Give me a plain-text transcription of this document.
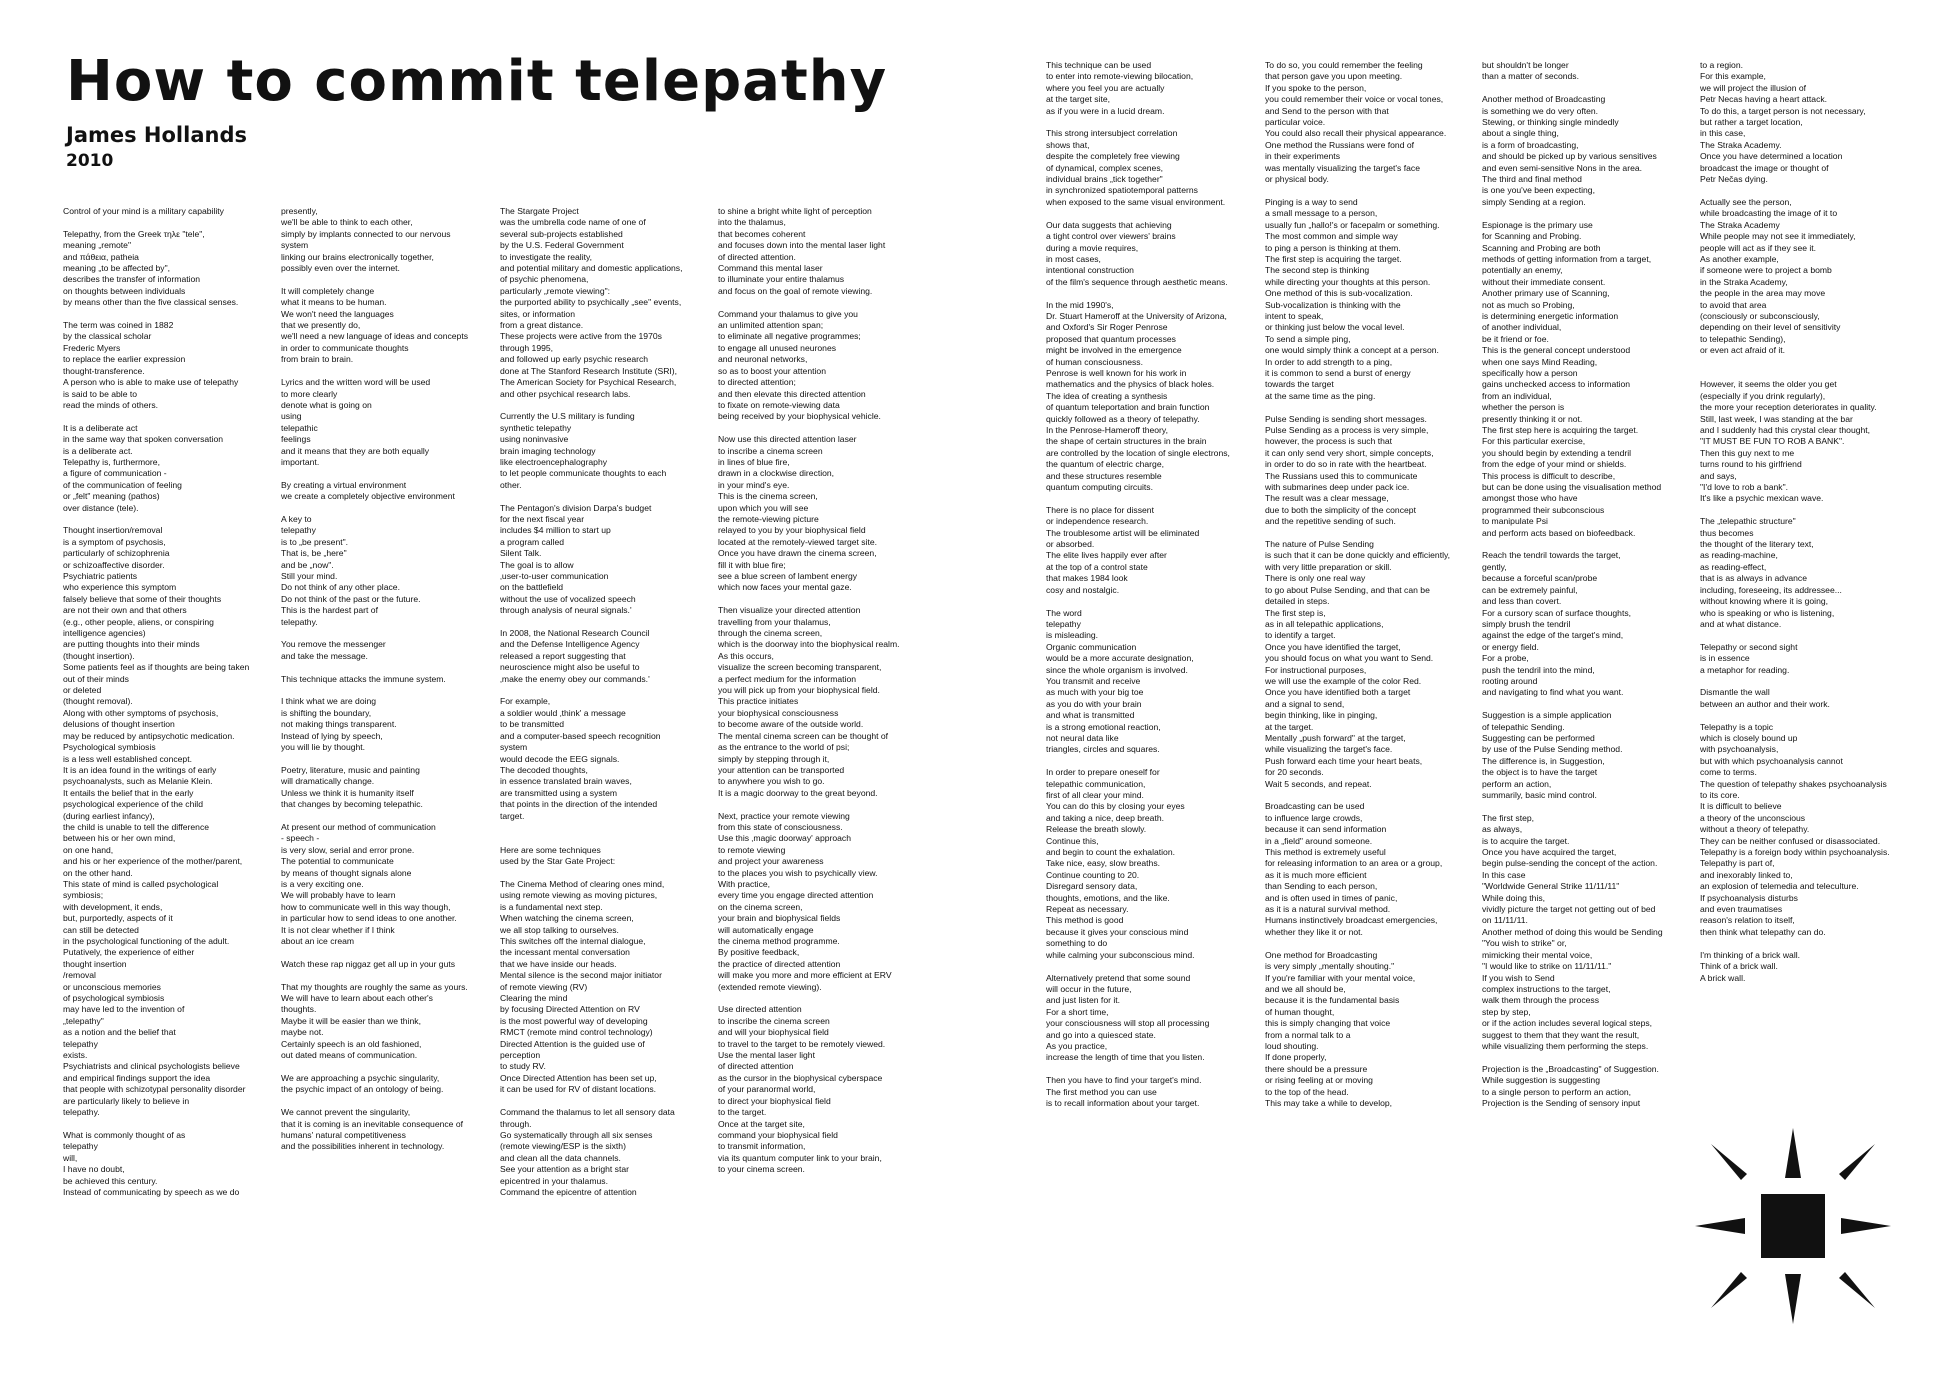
How to commit telepathy
James Hollands
2010
Control of your mind is a military capability

Telepathy, from the Greek τηλε "tele",
meaning „remote"
and πάθεια, patheia
meaning „to be affected by",
describes the transfer of information
on thoughts between individuals
by means other than the five classical senses.

The term was coined in 1882
by the classical scholar
Frederic Myers
to replace the earlier expression
thought-transference.
A person who is able to make use of telepathy
is said to be able to
read the minds of others.

It is a deliberate act
in the same way that spoken conversation
is a deliberate act.
Telepathy is, furthermore,
a figure of communication -
of the communication of feeling
or „felt" meaning (pathos)
over distance (tele).

Thought insertion/removal
is a symptom of psychosis,
particularly of schizophrenia
or schizoaffective disorder.
Psychiatric patients
who experience this symptom
falsely believe that some of their thoughts
are not their own and that others
(e.g., other people, aliens, or conspiring
intelligence agencies)
are putting thoughts into their minds
(thought insertion).
Some patients feel as if thoughts are being taken
out of their minds
or deleted
(thought removal).
Along with other symptoms of psychosis,
delusions of thought insertion
may be reduced by antipsychotic medication.
Psychological symbiosis
is a less well established concept.
It is an idea found in the writings of early
psychoanalysts, such as Melanie Klein.
It entails the belief that in the early
psychological experience of the child
(during earliest infancy),
the child is unable to tell the difference
between his or her own mind,
on one hand,
and his or her experience of the mother/parent,
on the other hand.
This state of mind is called psychological
symbiosis;
with development, it ends,
but, purportedly, aspects of it
can still be detected
in the psychological functioning of the adult.
Putatively, the experience of either
thought insertion
/removal
or unconscious memories
of psychological symbiosis
may have led to the invention of
„telepathy"
as a notion and the belief that
telepathy
exists.
Psychiatrists and clinical psychologists believe
and empirical findings support the idea
that people with schizotypal personality disorder
are particularly likely to believe in
telepathy.

What is commonly thought of as
telepathy
will,
I have no doubt,
be achieved this century.
Instead of communicating by speech as we do
presently,
we'll be able to think to each other,
simply by implants connected to our nervous
system
linking our brains electronically together,
possibly even over the internet.

It will completely change
what it means to be human.
We won't need the languages
that we presently do,
we'll need a new language of ideas and concepts
in order to communicate thoughts
from brain to brain.

Lyrics and the written word will be used
to more clearly
denote what is going on
using
telepathic
feelings
and it means that they are both equally
important.

By creating a virtual environment
we create a completely objective environment

A key to
telepathy
is to „be present".
That is, be „here"
and be „now".
Still your mind.
Do not think of any other place.
Do not think of the past or the future.
This is the hardest part of
telepathy.

You remove the messenger
and take the message.

This technique attacks the immune system.

I think what we are doing
is shifting the boundary,
not making things transparent.
Instead of lying by speech,
you will lie by thought.

Poetry, literature, music and painting
will dramatically change.
Unless we think it is humanity itself
that changes by becoming telepathic.

At present our method of communication
- speech -
is very slow, serial and error prone.
The potential to communicate
by means of thought signals alone
is a very exciting one.
We will probably have to learn
how to communicate well in this way though,
in particular how to send ideas to one another.
It is not clear whether if I think
about an ice cream

Watch these rap niggaz get all up in your guts

That my thoughts are roughly the same as yours.
We will have to learn about each other's
thoughts.
Maybe it will be easier than we think,
maybe not.
Certainly speech is an old fashioned,
out dated means of communication.

We are approaching a psychic singularity,
the psychic impact of an ontology of being.

We cannot prevent the singularity,
that it is coming is an inevitable consequence of
humans' natural competitiveness
and the possibilities inherent in technology.
The Stargate Project
was the umbrella code name of one of
several sub-projects established
by the U.S. Federal Government
to investigate the reality,
and potential military and domestic applications,
of psychic phenomena,
particularly „remote viewing":
the purported ability to psychically „see" events,
sites, or information
from a great distance.
These projects were active from the 1970s
through 1995,
and followed up early psychic research
done at The Stanford Research Institute (SRI),
The American Society for Psychical Research,
and other psychical research labs.

Currently the U.S military is funding
synthetic telepathy
using noninvasive
brain imaging technology
like electroencephalography
to let people communicate thoughts to each
other.

The Pentagon's division Darpa's budget
for the next fiscal year
includes $4 million to start up
a program called
Silent Talk.
The goal is to allow
‚user-to-user communication
on the battlefield
without the use of vocalized speech
through analysis of neural signals.'

In 2008, the National Research Council
and the Defense Intelligence Agency
released a report suggesting that
neuroscience might also be useful to
‚make the enemy obey our commands.'

For example,
a soldier would ‚think' a message
to be transmitted
and a computer-based speech recognition
system
would decode the EEG signals.
The decoded thoughts,
in essence translated brain waves,
are transmitted using a system
that points in the direction of the intended
target.

Here are some techniques
used by the Star Gate Project:

The Cinema Method of clearing ones mind,
using remote viewing as moving pictures,
is a fundamental next step.
When watching the cinema screen,
we all stop talking to ourselves.
This switches off the internal dialogue,
the incessant mental conversation
that we have inside our heads.
Mental silence is the second major initiator
of remote viewing (RV)
Clearing the mind
by focusing Directed Attention on RV
is the most powerful way of developing
RMCT (remote mind control technology)
Directed Attention is the guided use of
perception
to study RV.
Once Directed Attention has been set up,
it can be used for RV of distant locations.

Command the thalamus to let all sensory data
through.
Go systematically through all six senses
(remote viewing/ESP is the sixth)
and clean all the data channels.
See your attention as a bright star
epicentred in your thalamus.
Command the epicentre of attention
to shine a bright white light of perception
into the thalamus,
that becomes coherent
and focuses down into the mental laser light
of directed attention.
Command this mental laser
to illuminate your entire thalamus
and focus on the goal of remote viewing.

Command your thalamus to give you
an unlimited attention span;
to eliminate all negative programmes;
to engage all unused neurones
and neuronal networks,
so as to boost your attention
to directed attention;
and then elevate this directed attention
to fixate on remote-viewing data
being received by your biophysical vehicle.

Now use this directed attention laser
to inscribe a cinema screen
in lines of blue fire,
drawn in a clockwise direction,
in your mind's eye.
This is the cinema screen,
upon which you will see
the remote-viewing picture
relayed to you by your biophysical field
located at the remotely-viewed target site.
Once you have drawn the cinema screen,
fill it with blue fire;
see a blue screen of lambent energy
which now faces your mental gaze.

Then visualize your directed attention
travelling from your thalamus,
through the cinema screen,
which is the doorway into the biophysical realm.
As this occurs,
visualize the screen becoming transparent,
a perfect medium for the information
you will pick up from your biophysical field.
This practice initiates
your biophysical consciousness
to become aware of the outside world.
The mental cinema screen can be thought of
as the entrance to the world of psi;
simply by stepping through it,
your attention can be transported
to anywhere you wish to go.
It is a magic doorway to the great beyond.

Next, practice your remote viewing
from this state of consciousness.
Use this ‚magic doorway' approach
to remote viewing
and project your awareness
to the places you wish to psychically view.
With practice,
every time you engage directed attention
on the cinema screen,
your brain and biophysical fields
will automatically engage
the cinema method programme.
By positive feedback,
the practice of directed attention
will make you more and more efficient at ERV
(extended remote viewing).

Use directed attention
to inscribe the cinema screen
and will your biophysical field
to travel to the target to be remotely viewed.
Use the mental laser light
of directed attention
as the cursor in the biophysical cyberspace
of your paranormal world,
to direct your biophysical field
to the target.
Once at the target site,
command your biophysical field
to transmit information,
via its quantum computer link to your brain,
to your cinema screen.
This technique can be used
to enter into remote-viewing bilocation,
where you feel you are actually
at the target site,
as if you were in a lucid dream.

This strong intersubject correlation
shows that,
despite the completely free viewing
of dynamical, complex scenes,
individual brains „tick together"
in synchronized spatiotemporal patterns
when exposed to the same visual environment.

Our data suggests that achieving
a tight control over viewers' brains
during a movie requires,
in most cases,
intentional construction
of the film's sequence through aesthetic means.

In the mid 1990's,
Dr. Stuart Hameroff at the University of Arizona,
and Oxford's Sir Roger Penrose
proposed that quantum processes
might be involved in the emergence
of human consciousness.
Penrose is well known for his work in
mathematics and the physics of black holes.
The idea of creating a synthesis
of quantum teleportation and brain function
quickly followed as a theory of telepathy.
In the Penrose-Hameroff theory,
the shape of certain structures in the brain
are controlled by the location of single electrons,
the quantum of electric charge,
and these structures resemble
quantum computing circuits.

There is no place for dissent
or independence research.
The troublesome artist will be eliminated
or absorbed.
The elite lives happily ever after
at the top of a control state
that makes 1984 look
cosy and nostalgic.

The word
telepathy
is misleading.
Organic communication
would be a more accurate designation,
since the whole organism is involved.
You transmit and receive
as much with your big toe
as you do with your brain
and what is transmitted
is a strong emotional reaction,
not neural data like
triangles, circles and squares.

In order to prepare oneself for
telepathic communication,
first of all clear your mind.
You can do this by closing your eyes
and taking a nice, deep breath.
Release the breath slowly.
Continue this,
and begin to count the exhalation.
Take nice, easy, slow breaths.
Continue counting to 20.
Disregard sensory data,
thoughts, emotions, and the like.
Repeat as necessary.
This method is good
because it gives your conscious mind
something to do
while calming your subconscious mind.

Alternatively pretend that some sound
will occur in the future,
and just listen for it.
For a short time,
your consciousness will stop all processing
and go into a quiesced state.
As you practice,
increase the length of time that you listen.

Then you have to find your target's mind.
The first method you can use
is to recall information about your target.
To do so, you could remember the feeling
that person gave you upon meeting.
If you spoke to the person,
you could remember their voice or vocal tones,
and Send to the person with that
particular voice.
You could also recall their physical appearance.
One method the Russians were fond of
in their experiments
was mentally visualizing the target's face
or physical body.

Pinging is a way to send
a small message to a person,
usually fun „hallo!'s or facepalm or something.
The most common and simple way
to ping a person is thinking at them.
The first step is acquiring the target.
The second step is thinking
while directing your thoughts at this person.
One method of this is sub-vocalization.
Sub-vocalization is thinking with the
intent to speak,
or thinking just below the vocal level.
To send a simple ping,
one would simply think a concept at a person.
In order to add strength to a ping,
it is common to send a burst of energy
towards the target
at the same time as the ping.

Pulse Sending is sending short messages.
Pulse Sending as a process is very simple,
however, the process is such that
it can only send very short, simple concepts,
in order to do so in rate with the heartbeat.
The Russians used this to communicate
with submarines deep under pack ice.
The result was a clear message,
due to both the simplicity of the concept
and the repetitive sending of such.

The nature of Pulse Sending
is such that it can be done quickly and efficiently,
with very little preparation or skill.
There is only one real way
to go about Pulse Sending, and that can be
detailed in steps.
The first step is,
as in all telepathic applications,
to identify a target.
Once you have identified the target,
you should focus on what you want to Send.
For instructional purposes,
we will use the example of the color Red.
Once you have identified both a target
and a signal to send,
begin thinking, like in pinging,
at the target.
Mentally „push forward" at the target,
while visualizing the target's face.
Push forward each time your heart beats,
for 20 seconds.
Wait 5 seconds, and repeat.

Broadcasting can be used
to influence large crowds,
because it can send information
in a „field" around someone.
This method is extremely useful
for releasing information to an area or a group,
as it is much more efficient
than Sending to each person,
and is often used in times of panic,
as it is a natural survival method.
Humans instinctively broadcast emergencies,
whether they like it or not.

One method for Broadcasting
is very simply „mentally shouting."
If you're familiar with your mental voice,
and we all should be,
because it is the fundamental basis
of human thought,
this is simply changing that voice
from a normal talk to a
loud shouting.
If done properly,
there should be a pressure
or rising feeling at or moving
to the top of the head.
This may take a while to develop,
but shouldn't be longer
than a matter of seconds.

Another method of Broadcasting
is something we do very often.
Stewing, or thinking single mindedly
about a single thing,
is a form of broadcasting,
and should be picked up by various sensitives
and even semi-sensitive Nons in the area.
The third and final method
is one you've been expecting,
simply Sending at a region.

Espionage is the primary use
for Scanning and Probing.
Scanning and Probing are both
methods of getting information from a target,
potentially an enemy,
without their immediate consent.
Another primary use of Scanning,
not as much so Probing,
is determining energetic information
of another individual,
be it friend or foe.
This is the general concept understood
when one says Mind Reading,
specifically how a person
gains unchecked access to information
from an individual,
whether the person is
presently thinking it or not.
The first step here is acquiring the target.
For this particular exercise,
you should begin by extending a tendril
from the edge of your mind or shields.
This process is difficult to describe,
but can be done using the visualisation method
amongst those who have
programmed their subconscious
to manipulate Psi
and perform acts based on biofeedback.

Reach the tendril towards the target,
gently,
because a forceful scan/probe
can be extremely painful,
and less than covert.
For a cursory scan of surface thoughts,
simply brush the tendril
against the edge of the target's mind,
or energy field.
For a probe,
push the tendril into the mind,
rooting around
and navigating to find what you want.

Suggestion is a simple application
of telepathic Sending.
Suggesting can be performed
by use of the Pulse Sending method.
The difference is, in Suggestion,
the object is to have the target
perform an action,
summarily, basic mind control.

The first step,
as always,
is to acquire the target.
Once you have acquired the target,
begin pulse-sending the concept of the action.
In this case
"Worldwide General Strike 11/11/11"
While doing this,
vividly picture the target not getting out of bed
on 11/11/11.
Another method of doing this would be Sending
"You wish to strike" or,
mimicking their mental voice,
"I would like to strike on 11/11/11."
If you wish to Send
complex instructions to the target,
walk them through the process
step by step,
or if the action includes several logical steps,
suggest to them that they want the result,
while visualizing them performing the steps.

Projection is the „Broadcasting" of Suggestion.
While suggestion is suggesting
to a single person to perform an action,
Projection is the Sending of sensory input
to a region.
For this example,
we will project the illusion of
Petr Necas having a heart attack.
To do this, a target person is not necessary,
but rather a target location,
in this case,
The Straka Academy.
Once you have determined a location
broadcast the image or thought of
Petr Nečas dying.

Actually see the person,
while broadcasting the image of it to
The Straka Academy
While people may not see it immediately,
people will act as if they see it.
As another example,
if someone were to project a bomb
in the Straka Academy,
the people in the area may move
to avoid that area
(consciously or subconsciously,
depending on their level of sensitivity
to telepathic Sending),
or even act afraid of it.

However, it seems the older you get
(especially if you drink regularly),
the more your reception deteriorates in quality.
Still, last week, I was standing at the bar
and I suddenly had this crystal clear thought,
"IT MUST BE FUN TO ROB A BANK".
Then this guy next to me
turns round to his girlfriend
and says,
"I'd love to rob a bank".
It's like a psychic mexican wave.

The „telepathic structure"
thus becomes
the thought of the literary text,
as reading-machine,
as reading-effect,
that is as always in advance
including, foreseeing, its addressee...
without knowing where it is going,
who is speaking or who is listening,
and at what distance.

Telepathy or second sight
is in essence
a metaphor for reading.

Dismantle the wall
between an author and their work.

Telepathy is a topic
which is closely bound up
with psychoanalysis,
but with which psychoanalysis cannot
come to terms.
The question of telepathy shakes psychoanalysis
to its core.
It is difficult to believe
a theory of the unconscious
without a theory of telepathy.
They can be neither confused or disassociated.
Telepathy is a foreign body within psychoanalysis.
Telepathy is part of,
and inexorably linked to,
an explosion of telemedia and teleculture.
If psychoanalysis disturbs
and even traumatises
reason's relation to itself,
then think what telepathy can do.

I'm thinking of a brick wall.
Think of a brick wall.
A brick wall.
